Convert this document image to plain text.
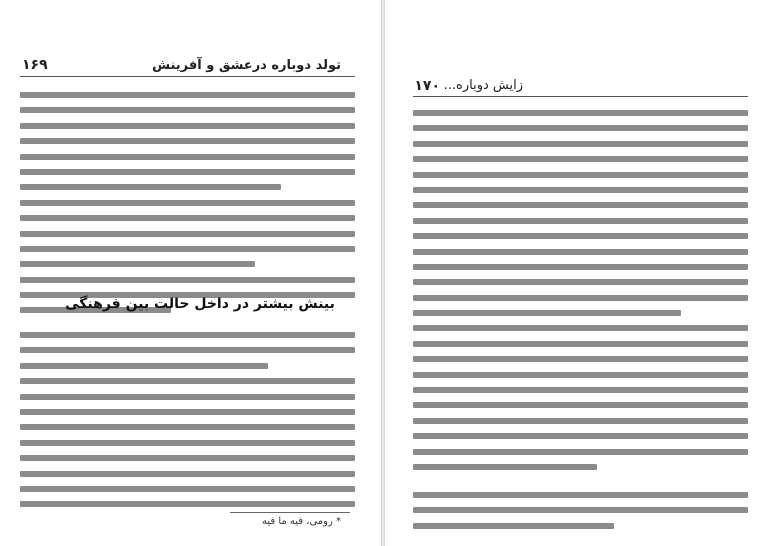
تولد دوباره درعشق و آفرینش
۱۶۹
بینش بیشتر در داخل حالت بین فرهنگی
* رومی، فیه ما فیه
۱۷۰ زایش دوباره...
